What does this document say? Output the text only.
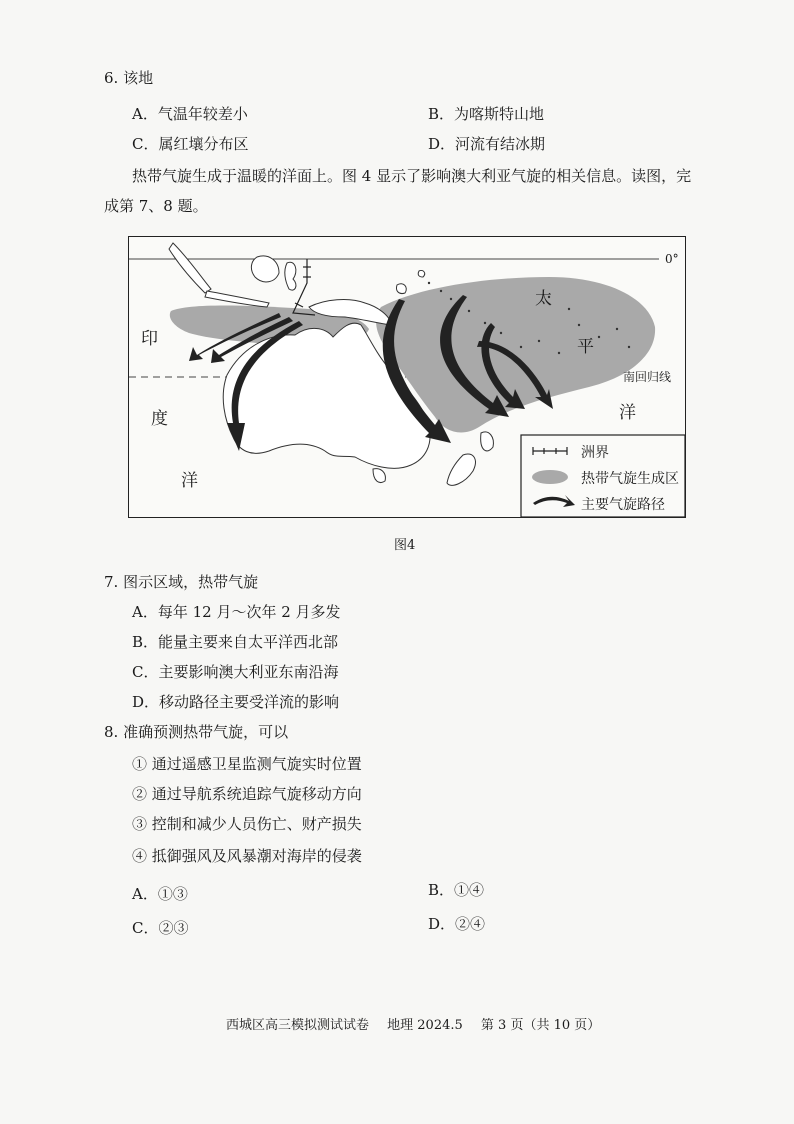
6. 该地
A．气温年较差小	B．为喀斯特山地
C．属红壤分布区	D．河流有结冰期
热带气旋生成于温暖的洋面上。图 4 显示了影响澳大利亚气旋的相关信息。读图，完
成第 7、8 题。
印
度
洋
太
平
洋
0°
南回归线
洲界
热带气旋生成区
主要气旋路径
图4
7. 图示区域，热带气旋
A．每年 12 月～次年 2 月多发
B．能量主要来自太平洋西北部
C．主要影响澳大利亚东南沿海
D．移动路径主要受洋流的影响
8. 准确预测热带气旋，可以
① 通过遥感卫星监测气旋实时位置
② 通过导航系统追踪气旋移动方向
③ 控制和减少人员伤亡、财产损失
④ 抵御强风及风暴潮对海岸的侵袭
A．①③	B．①④
C．②③	D．②④
西城区高三模拟测试试卷 地理 2024.5 第 3 页（共 10 页）
